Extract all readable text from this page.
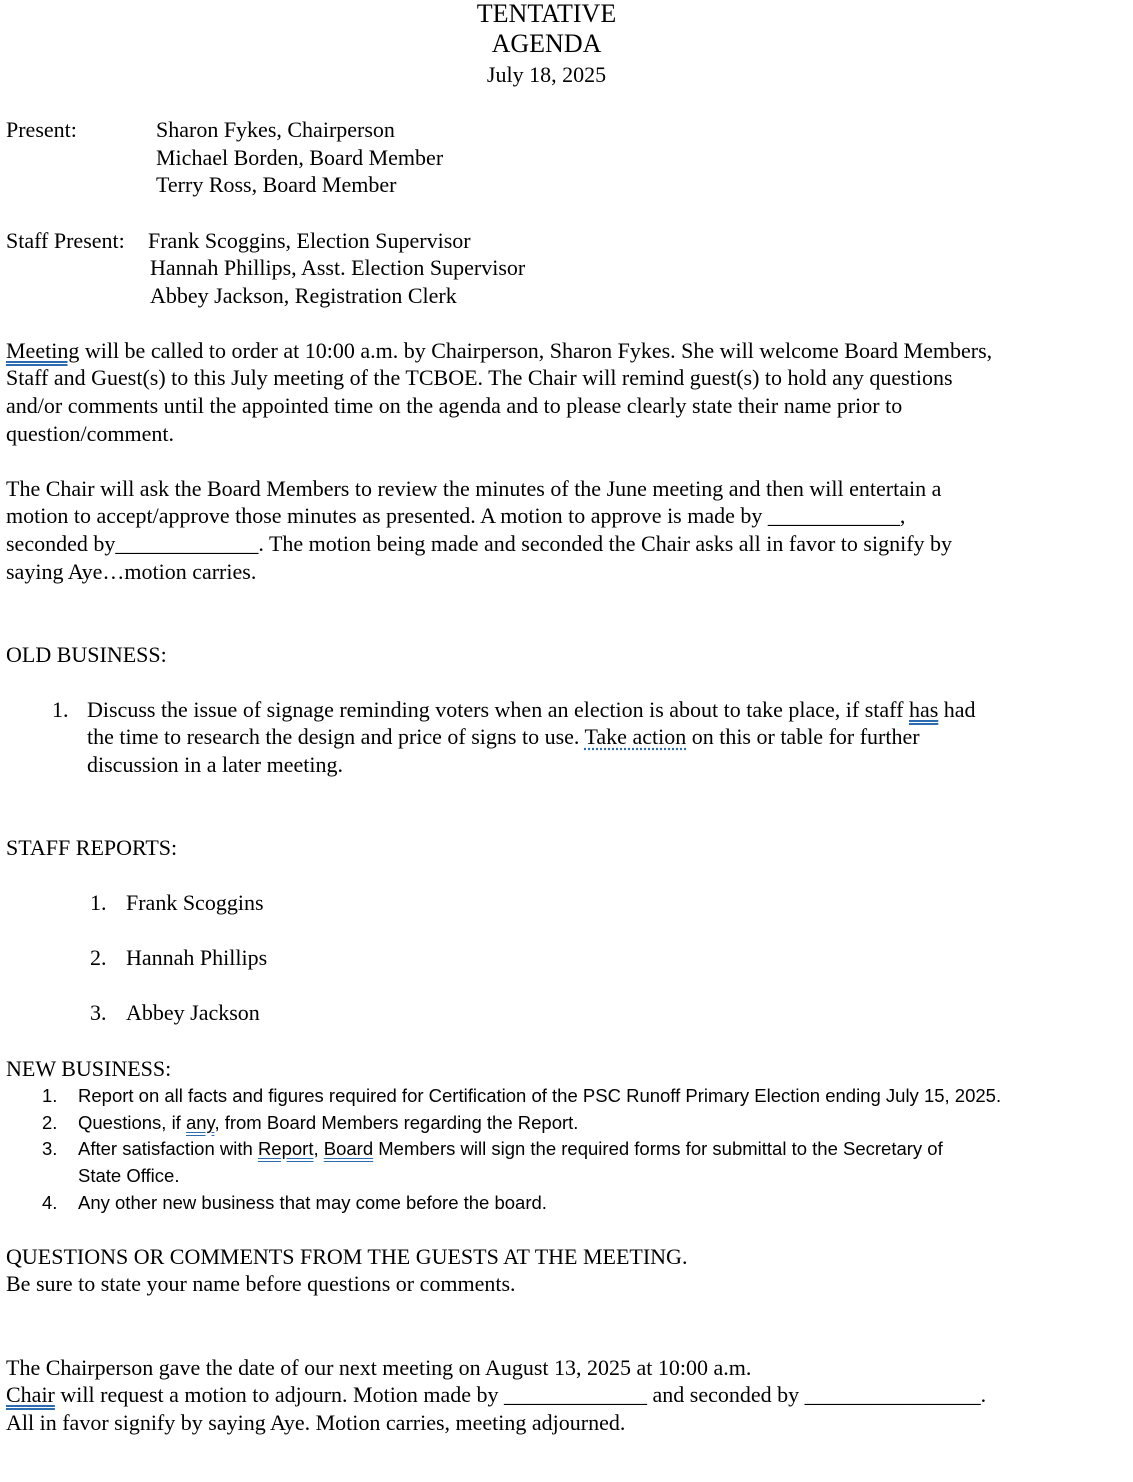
TENTATIVE
AGENDA
July 18, 2025
Present:	Sharon Fykes, Chairperson
Michael Borden, Board Member
Terry Ross, Board Member
Staff Present: Frank Scoggins, Election Supervisor
Hannah Phillips, Asst. Election Supervisor
Abbey Jackson, Registration Clerk
Meeting will be called to order at 10:00 a.m. by Chairperson, Sharon Fykes. She will welcome Board Members,
Staff and Guest(s) to this July meeting of the TCBOE. The Chair will remind guest(s) to hold any questions
and/or comments until the appointed time on the agenda and to please clearly state their name prior to
question/comment.
The Chair will ask the Board Members to review the minutes of the June meeting and then will entertain a
motion to accept/approve those minutes as presented. A motion to approve is made by ____________,
seconded by_____________. The motion being made and seconded the Chair asks all in favor to signify by
saying Aye…motion carries.
OLD BUSINESS:
1. Discuss the issue of signage reminding voters when an election is about to take place, if staff has had
the time to research the design and price of signs to use. Take action on this or table for further
discussion in a later meeting.
STAFF REPORTS:
1. Frank Scoggins
2. Hannah Phillips
3. Abbey Jackson
NEW BUSINESS:
1. Report on all facts and figures required for Certification of the PSC Runoff Primary Election ending July 15, 2025.
2. Questions, if any, from Board Members regarding the Report.
3. After satisfaction with Report, Board Members will sign the required forms for submittal to the Secretary of
State Office.
4. Any other new business that may come before the board.
QUESTIONS OR COMMENTS FROM THE GUESTS AT THE MEETING.
Be sure to state your name before questions or comments.
The Chairperson gave the date of our next meeting on August 13, 2025 at 10:00 a.m.
Chair will request a motion to adjourn. Motion made by _____________ and seconded by ________________.
All in favor signify by saying Aye. Motion carries, meeting adjourned.
